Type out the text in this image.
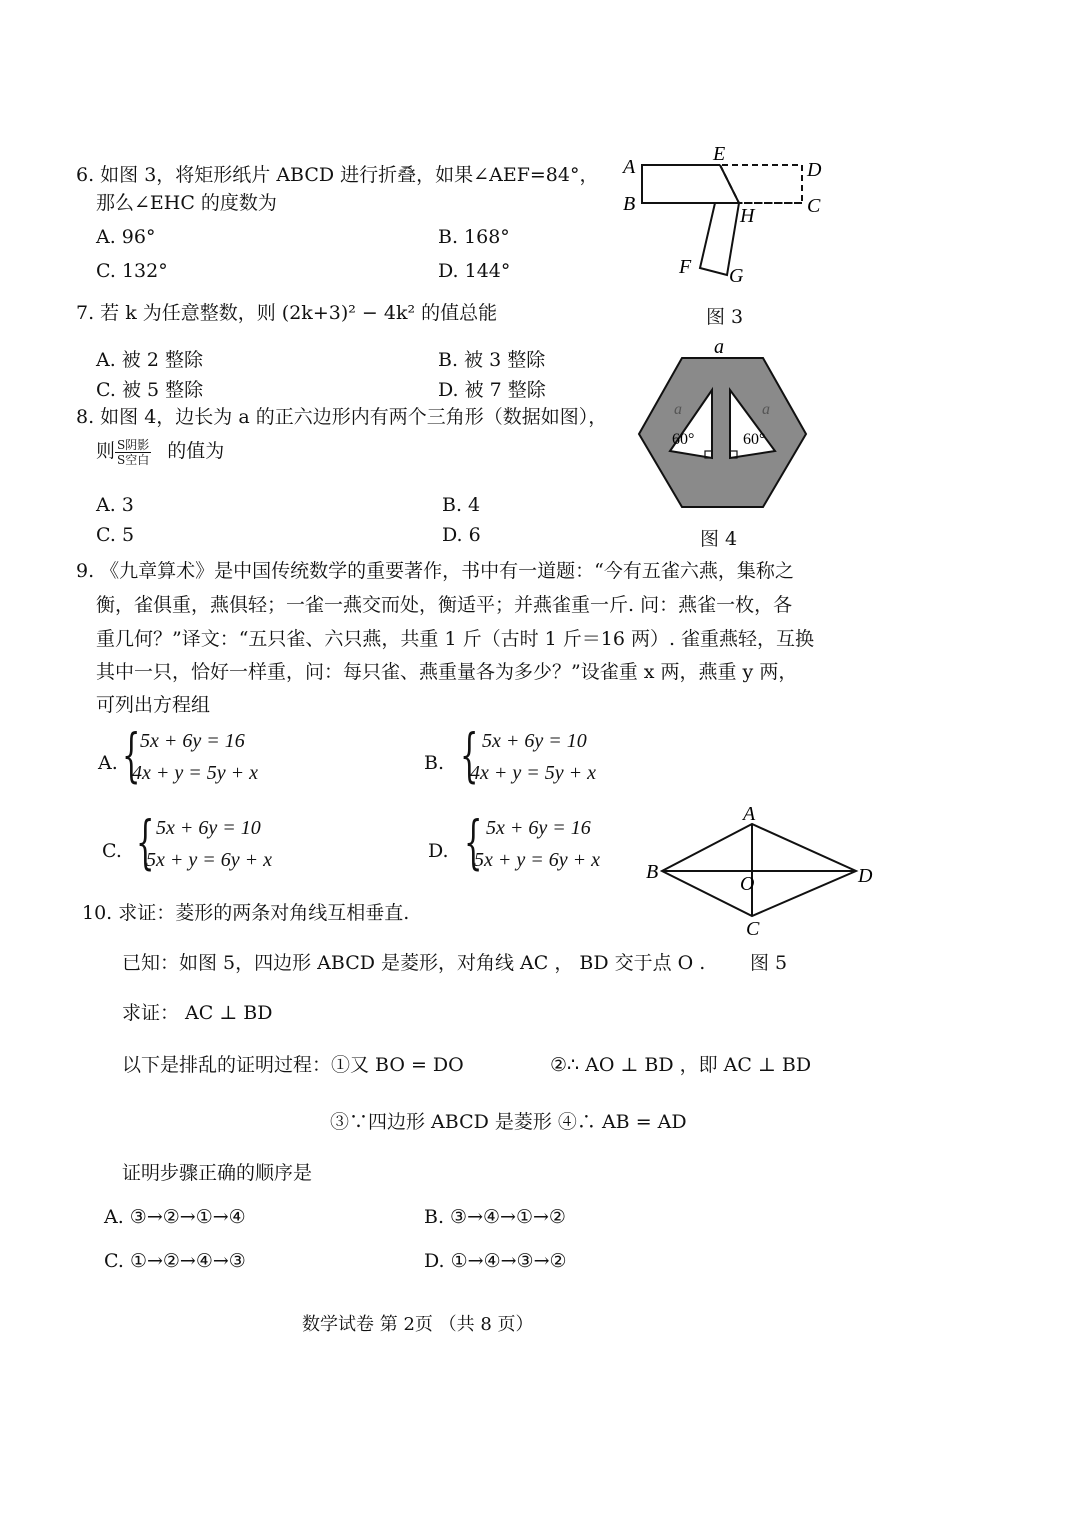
6. 如图 3，将矩形纸片 ABCD 进行折叠，如果∠AEF=84°，
那么∠EHC 的度数为
A. 96°	B. 168°
C. 132°	D. 144°
A
E
D
B
H	C
F G
图 3
7. 若 k 为任意整数，则 (2k+3)² − 4k² 的值总能
A. 被 2 整除	B. 被 3 整除
C. 被 5 整除	D. 被 7 整除
8. 如图 4，边长为 a 的正六边形内有两个三角形（数据如图），
则 $\frac{\text{S阴影}}{\text{S空白}}$ 的值为
A. 3	B. 4
C. 5	D. 6
a
a	a
60°	60°
图 4
9. 《九章算术》是中国传统数学的重要著作，书中有一道题：“今有五雀六燕，集称之
衡，雀俱重，燕俱轻；一雀一燕交而处，衡适平；并燕雀重一斤. 问：燕雀一枚，各
重几何？”译文：“五只雀、六只燕，共重 1 斤（古时 1 斤＝16 两）. 雀重燕轻，互换
其中一只，恰好一样重，问：每只雀、燕重量各为多少？”设雀重 x 两，燕重 y 两，
可列出方程组
A. { 5x + 6y = 16
4x + y = 5y + x	B. { 5x + 6y = 10
4x + y = 5y + x
C. { 5x + 6y = 10
5x + y = 6y + x	D. { 5x + 6y = 16
5x + y = 6y + x
A
B	D
C
O
图 5
10. 求证：菱形的两条对角线互相垂直.
已知：如图 5，四边形 ABCD 是菱形，对角线 AC ， BD 交于点 O .
求证： AC ⊥ BD
以下是排乱的证明过程：①又 BO = DO	②∴ AO ⊥ BD ，即 AC ⊥ BD
③∵四边形 ABCD 是菱形 ④∴ AB = AD
证明步骤正确的顺序是
A. ③→②→①→④	B. ③→④→①→②
C. ①→②→④→③	D. ①→④→③→②
数学试卷 第 2页 （共 8 页）
